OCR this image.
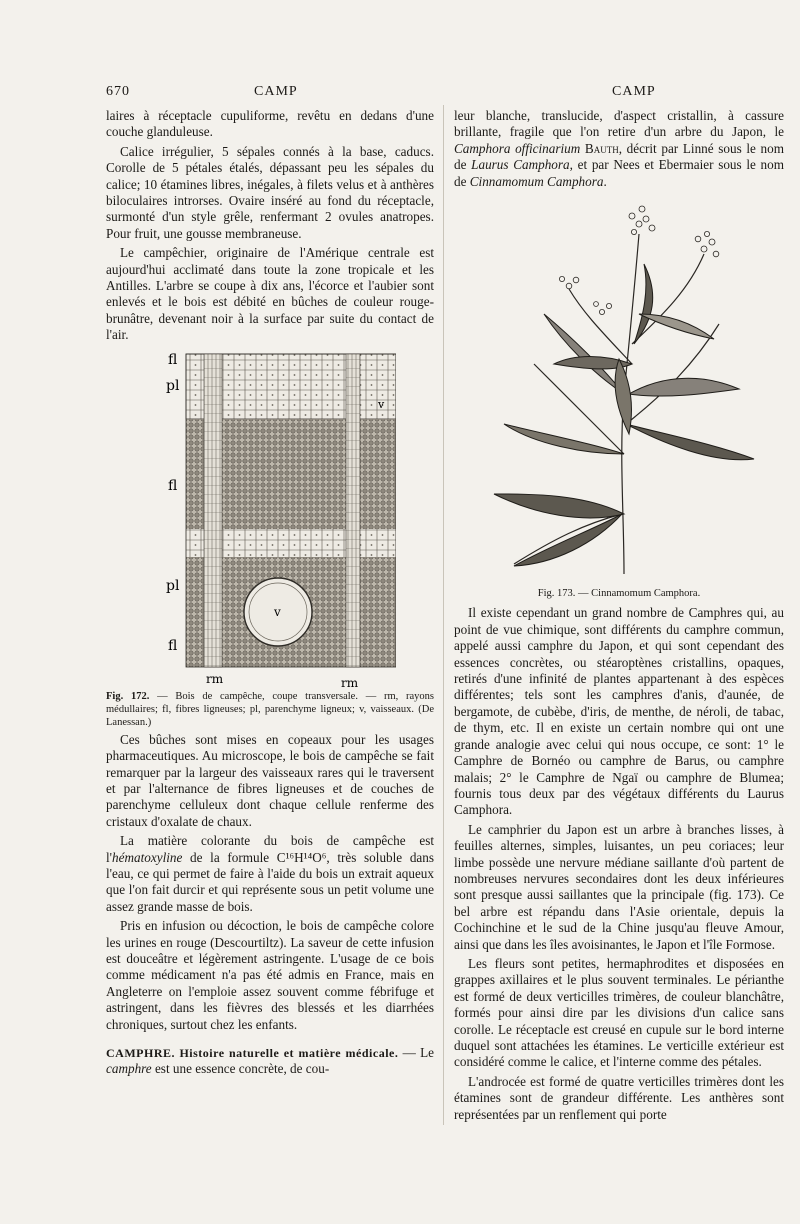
670	CAMP	CAMP

laires à réceptacle cupuliforme, revêtu en dedans d'une couche glanduleuse.

Calice irrégulier, 5 sépales connés à la base, caducs. Corolle de 5 pétales étalés, dépassant peu les sépales du calice; 10 étamines libres, inégales, à filets velus et à anthères biloculaires introrses. Ovaire inséré au fond du réceptacle, surmonté d'un style grêle, renfermant 2 ovules anatropes. Pour fruit, une gousse membraneuse.

Le campêchier, originaire de l'Amérique centrale est aujourd'hui acclimaté dans toute la zone tropicale et les Antilles. L'arbre se coupe à dix ans, l'écorce et l'aubier sont enlevés et le bois est débité en bûches de couleur rouge-brunâtre, devenant noir à la surface par suite du contact de l'air.

fl
pl
fl
pl
fl
rm	rm
v
v

Fig. 172. — Bois de campêche, coupe transversale. — rm, rayons médullaires; fl, fibres ligneuses; pl, parenchyme ligneux; v, vaisseaux. (De Lanessan.)

Ces bûches sont mises en copeaux pour les usages pharmaceutiques. Au microscope, le bois de campêche se fait remarquer par la largeur des vaisseaux rares qui le traversent et par l'alternance de fibres ligneuses et de couches de parenchyme celluleux dont chaque cellule renferme des cristaux d'oxalate de chaux.

La matière colorante du bois de campêche est l'hématoxyline de la formule C¹⁶H¹⁴O⁶, très soluble dans l'eau, ce qui permet de faire à l'aide du bois un extrait aqueux que l'on fait durcir et qui représente sous un petit volume une assez grande masse de bois.

Pris en infusion ou décoction, le bois de campêche colore les urines en rouge (Descourtiltz). La saveur de cette infusion est douceâtre et légèrement astringente. L'usage de ce bois comme médicament n'a pas été admis en France, mais en Angleterre on l'emploie assez souvent comme fébrifuge et astringent, dans les fièvres des blessés et les diarrhées chroniques, surtout chez les enfants.

CAMPHRE. Histoire naturelle et matière médicale. — Le camphre est une essence concrète, de cou-

leur blanche, translucide, d'aspect cristallin, à cassure brillante, fragile que l'on retire d'un arbre du Japon, le Camphora officinarium Bauth, décrit par Linné sous le nom de Laurus Camphora, et par Nees et Ebermaier sous le nom de Cinnamomum Camphora.

Fig. 173. — Cinnamomum Camphora.

Il existe cependant un grand nombre de Camphres qui, au point de vue chimique, sont différents du camphre commun, appelé aussi camphre du Japon, et qui sont cependant des essences concrètes, ou stéaroptènes cristallins, opaques, retirés d'une infinité de plantes appartenant à des espèces différentes; tels sont les camphres d'anis, d'aunée, de bergamote, de cubèbe, d'iris, de menthe, de néroli, de tabac, de thym, etc. Il en existe un certain nombre qui ont une grande analogie avec celui qui nous occupe, ce sont: 1° le Camphre de Bornéo ou camphre de Barus, ou camphre malais; 2° le Camphre de Ngaï ou camphre de Blumea; fournis tous deux par des végétaux différents du Laurus Camphora.

Le camphrier du Japon est un arbre à branches lisses, à feuilles alternes, simples, luisantes, un peu coriaces; leur limbe possède une nervure médiane saillante d'où partent de nombreuses nervures secondaires dont les deux inférieures sont presque aussi saillantes que la principale (fig. 173). Ce bel arbre est répandu dans l'Asie orientale, depuis la Cochinchine et le sud de la Chine jusqu'au fleuve Amour, ainsi que dans les îles avoisinantes, le Japon et l'île Formose.

Les fleurs sont petites, hermaphrodites et disposées en grappes axillaires et le plus souvent terminales. Le périanthe est formé de deux verticilles trimères, de couleur blanchâtre, formés pour ainsi dire par les divisions d'un calice sans corolle. Le réceptacle est creusé en cupule sur le bord interne duquel sont attachées les étamines. Le verticille extérieur est considéré comme le calice, et l'interne comme des pétales.

L'androcée est formé de quatre verticilles trimères dont les étamines sont de grandeur différente. Les anthères sont représentées par un renflement qui porte
